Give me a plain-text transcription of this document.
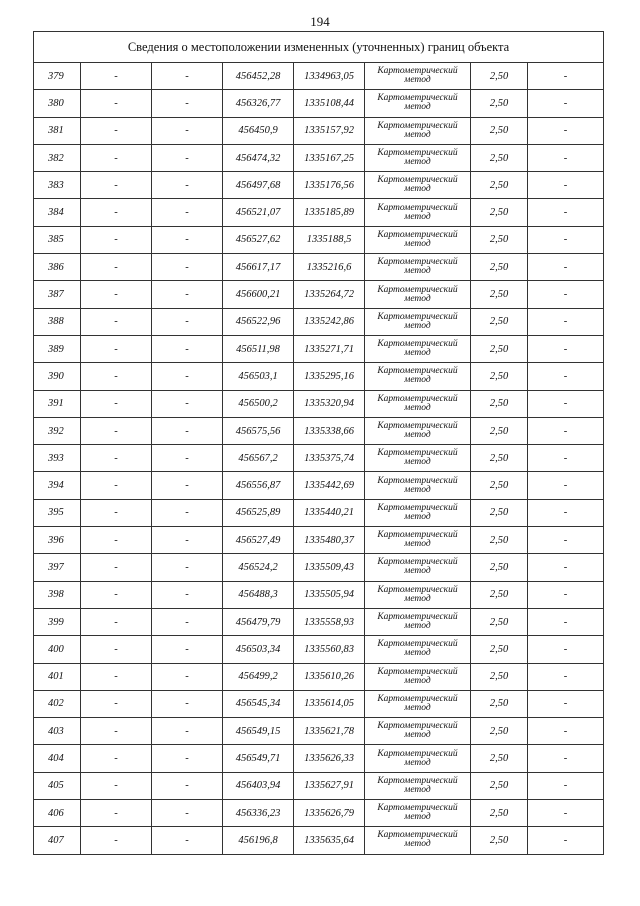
194
Сведения о местоположении измененных (уточненных) границ объекта							
379	-	-	456452,28	1334963,05	Картометрический метод	2,50	-
380	-	-	456326,77	1335108,44	Картометрический метод	2,50	-
381	-	-	456450,9	1335157,92	Картометрический метод	2,50	-
382	-	-	456474,32	1335167,25	Картометрический метод	2,50	-
383	-	-	456497,68	1335176,56	Картометрический метод	2,50	-
384	-	-	456521,07	1335185,89	Картометрический метод	2,50	-
385	-	-	456527,62	1335188,5	Картометрический метод	2,50	-
386	-	-	456617,17	1335216,6	Картометрический метод	2,50	-
387	-	-	456600,21	1335264,72	Картометрический метод	2,50	-
388	-	-	456522,96	1335242,86	Картометрический метод	2,50	-
389	-	-	456511,98	1335271,71	Картометрический метод	2,50	-
390	-	-	456503,1	1335295,16	Картометрический метод	2,50	-
391	-	-	456500,2	1335320,94	Картометрический метод	2,50	-
392	-	-	456575,56	1335338,66	Картометрический метод	2,50	-
393	-	-	456567,2	1335375,74	Картометрический метод	2,50	-
394	-	-	456556,87	1335442,69	Картометрический метод	2,50	-
395	-	-	456525,89	1335440,21	Картометрический метод	2,50	-
396	-	-	456527,49	1335480,37	Картометрический метод	2,50	-
397	-	-	456524,2	1335509,43	Картометрический метод	2,50	-
398	-	-	456488,3	1335505,94	Картометрический метод	2,50	-
399	-	-	456479,79	1335558,93	Картометрический метод	2,50	-
400	-	-	456503,34	1335560,83	Картометрический метод	2,50	-
401	-	-	456499,2	1335610,26	Картометрический метод	2,50	-
402	-	-	456545,34	1335614,05	Картометрический метод	2,50	-
403	-	-	456549,15	1335621,78	Картометрический метод	2,50	-
404	-	-	456549,71	1335626,33	Картометрический метод	2,50	-
405	-	-	456403,94	1335627,91	Картометрический метод	2,50	-
406	-	-	456336,23	1335626,79	Картометрический метод	2,50	-
407	-	-	456196,8	1335635,64	Картометрический метод	2,50	-
